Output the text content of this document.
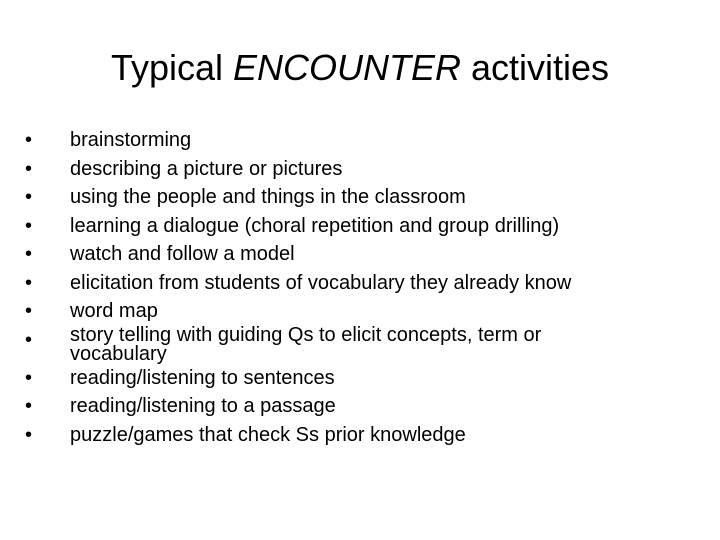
Typical ENCOUNTER activities
•	brainstorming
•	describing a picture or pictures
•	using the people and things in the classroom
•	learning a dialogue (choral repetition and group drilling)
•	watch and follow a model
•	elicitation from students of vocabulary they already know
•	word map
•	story telling with guiding Qs to elicit concepts, term or
vocabulary
•	reading/listening to sentences
•	reading/listening to a passage
•	puzzle/games that check Ss prior knowledge
